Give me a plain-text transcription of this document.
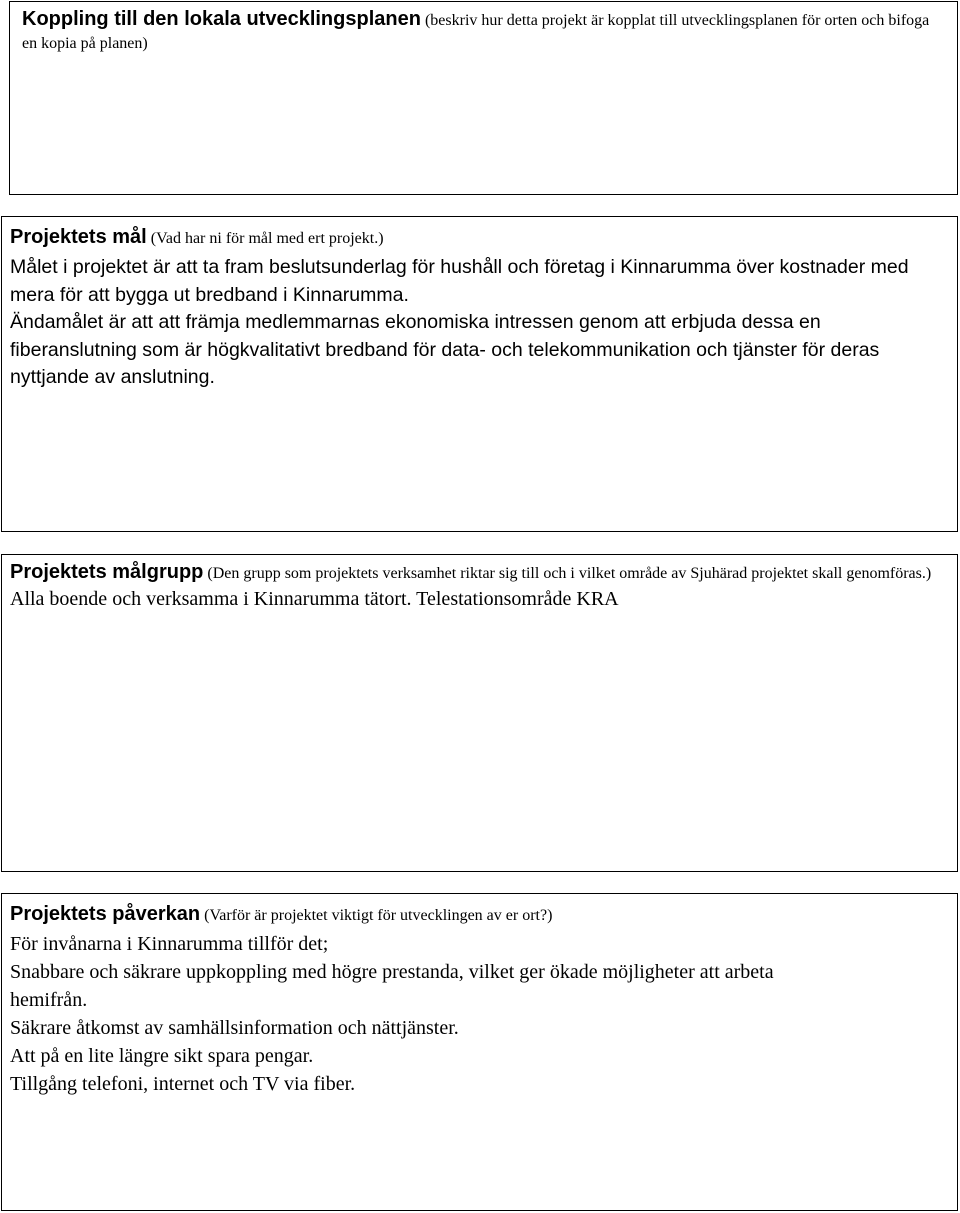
Koppling till den lokala utvecklingsplanen (beskriv hur detta projekt är kopplat till utvecklingsplanen för orten och bifoga en kopia på planen)

Projektets mål (Vad har ni för mål med ert projekt.)

Målet i projektet är att ta fram beslutsunderlag för hushåll och företag i Kinnarumma över kostnader med mera för att bygga ut bredband i Kinnarumma.

Ändamålet är att att främja medlemmarnas ekonomiska intressen genom att erbjuda dessa en fiberanslutning som är högkvalitativt bredband för data- och telekommunikation och tjänster för deras nyttjande av anslutning.

Projektets målgrupp (Den grupp som projektets verksamhet riktar sig till och i vilket område av Sjuhärad projektet skall genomföras.)

Alla boende och verksamma i Kinnarumma tätort. Telestationsområde KRA

Projektets påverkan (Varför är projektet viktigt för utvecklingen av er ort?)

För invånarna i Kinnarumma tillför det;

Snabbare och säkrare uppkoppling med högre prestanda, vilket ger ökade möjligheter att arbeta hemifrån.

Säkrare åtkomst av samhällsinformation och nättjänster.

Att på en lite längre sikt spara pengar.

Tillgång telefoni, internet och TV via fiber.
